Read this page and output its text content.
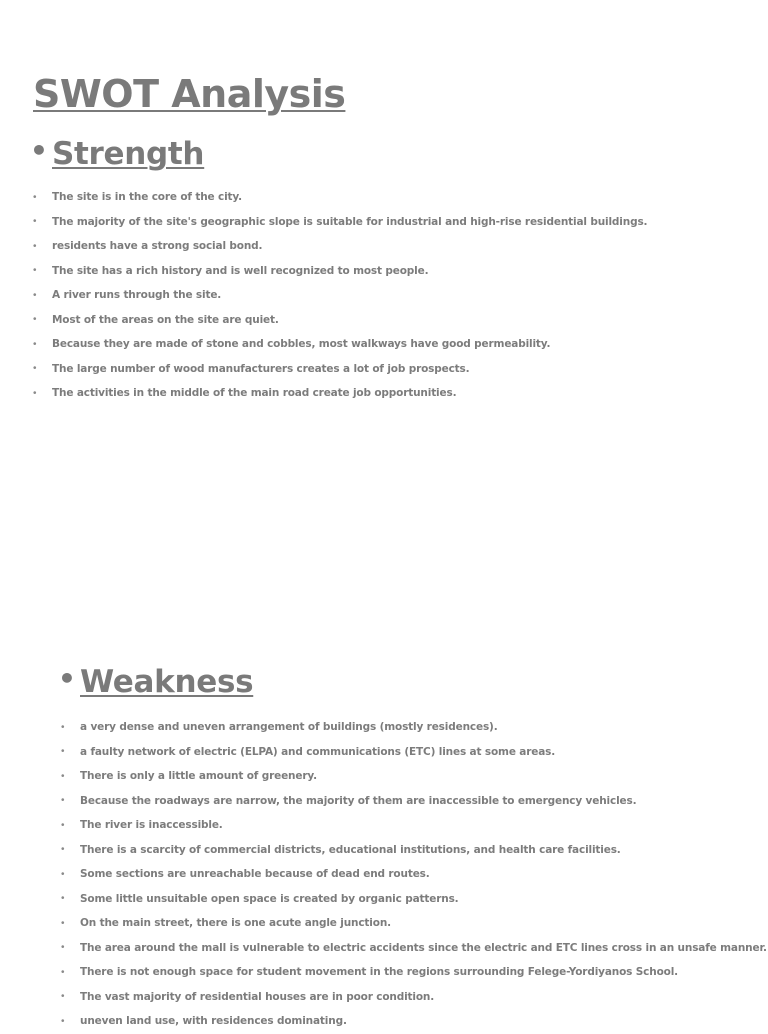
SWOT Analysis
• Strength
•	The site is in the core of the city.
•	The majority of the site's geographic slope is suitable for industrial and high-rise residential buildings.
•	residents have a strong social bond.
•	The site has a rich history and is well recognized to most people.
•	A river runs through the site.
•	Most of the areas on the site are quiet.
•	Because they are made of stone and cobbles, most walkways have good permeability.
•	The large number of wood manufacturers creates a lot of job prospects.
•	The activities in the middle of the main road create job opportunities.
• Weakness
•	a very dense and uneven arrangement of buildings (mostly residences).
•	a faulty network of electric (ELPA) and communications (ETC) lines at some areas.
•	There is only a little amount of greenery.
•	Because the roadways are narrow, the majority of them are inaccessible to emergency vehicles.
•	The river is inaccessible.
•	There is a scarcity of commercial districts, educational institutions, and health care facilities.
•	Some sections are unreachable because of dead end routes.
•	Some little unsuitable open space is created by organic patterns.
•	On the main street, there is one acute angle junction.
•	The area around the mall is vulnerable to electric accidents since the electric and ETC lines cross in an unsafe manner.
•	There is not enough space for student movement in the regions surrounding Felege-Yordiyanos School.
•	The vast majority of residential houses are in poor condition.
•	uneven land use, with residences dominating.
